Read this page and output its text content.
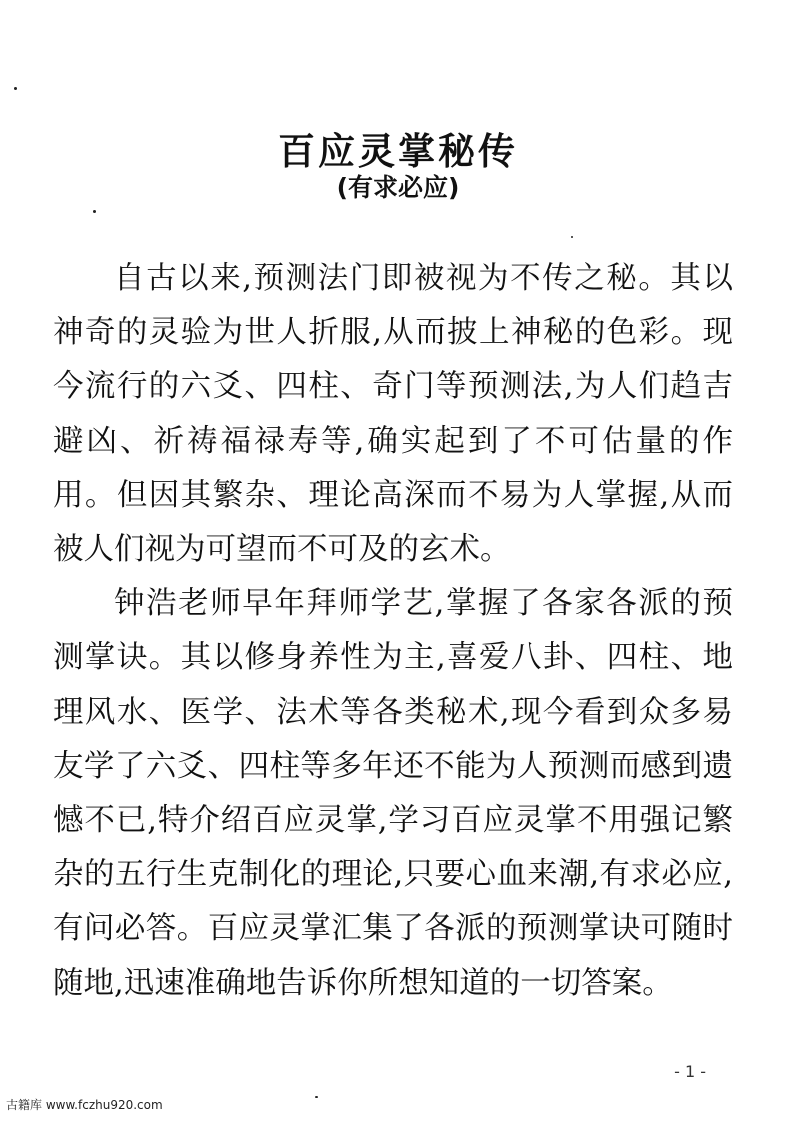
百应灵掌秘传
(有求必应)

自古以来,预测法门即被视为不传之秘。其以神奇的灵验为世人折服,从而披上神秘的色彩。现今流行的六爻、四柱、奇门等预测法,为人们趋吉避凶、祈祷福禄寿等,确实起到了不可估量的作用。但因其繁杂、理论高深而不易为人掌握,从而被人们视为可望而不可及的玄术。

钟浩老师早年拜师学艺,掌握了各家各派的预测掌诀。其以修身养性为主,喜爱八卦、四柱、地理风水、医学、法术等各类秘术,现今看到众多易友学了六爻、四柱等多年还不能为人预测而感到遗憾不已,特介绍百应灵掌,学习百应灵掌不用强记繁杂的五行生克制化的理论,只要心血来潮,有求必应,有问必答。百应灵掌汇集了各派的预测掌诀可随时随地,迅速准确地告诉你所想知道的一切答案。

- 1 -
古籍库 www.fczhu920.com
